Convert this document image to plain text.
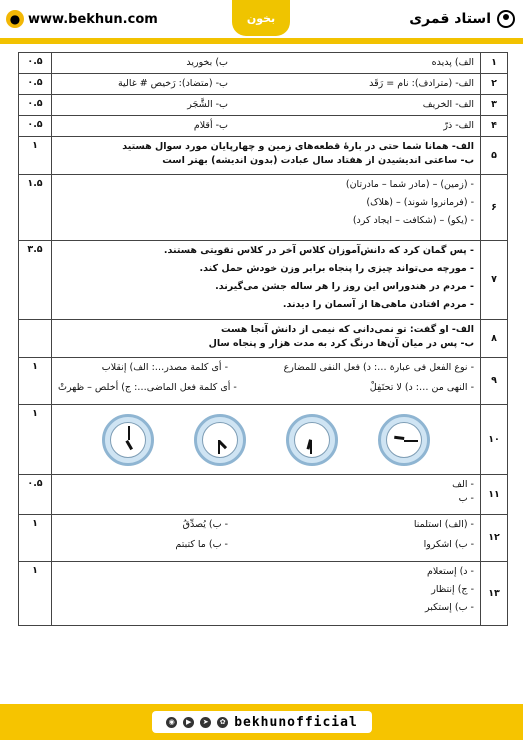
● www.bekhun.com	بخون	استاد قمری
۱	الف) پدیده
ب) بخورید	۰.۵
۲	الف- (مترادف): نام = رَقَد
ب- (متضاد): رَخیص # غالیة	۰.۵
۳	الف- الخریف
ب- الشَّجَر	۰.۵
۴	الف- ذرّ
ب- أقلام	۰.۵
۵	الف- همانا شما حتی در بارهٔ قطعه‌های زمین و چهارپایان مورد سوال هستید
ب- ساعتی اندیشیدن از هفتاد سال عبادت (بدون اندیشه) بهتر است	۱
۶	- (زمین) – (مادر شما – مادرتان)
- (فرمانروا شوند) – (هلاک)
- (یکو) – (شکافت – ایجاد کرد)	۱.۵
۷	- پس گمان کرد که دانش‌آموزان کلاس آخر در کلاس تقویتی هستند.
- مورچه می‌تواند چیزی را پنجاه برابر وزن خودش حمل کند.
- مردم در هندوراس این روز را هر ساله جشن می‌گیرند.
- مردم افتادن ماهی‌ها از آسمان را دیدند.	۳.۵
۸	الف- او گفت: تو نمی‌دانی که نیمی از دانش آنجا هست
ب- پس در میان آن‌ها درنگ کرد به مدت هزار و پنجاه سال	

۹	- نوع الفعل فی عبارة …: د) فعل النفی للمضارع
- أی کلمة مصدر…: الف) إنقلاب
- النهی من …: د) لا تحتَفِلْ
- أی کلمة فعل الماضی…: ج) أخلص – ظهرتْ	۱
۱۰		۱
۱۱	- الف
- ب	۰.۵
۱۲	- (الف) استلمنا
- ب) یُصدِّقُ
- ب) اشکروا
- ب) ما کتبتم	۱
۱۳	- د) إستعلام
- ج) إنتظار
- ب) إستکبر	۱
◉	▶	➤	✿ bekhunofficial
